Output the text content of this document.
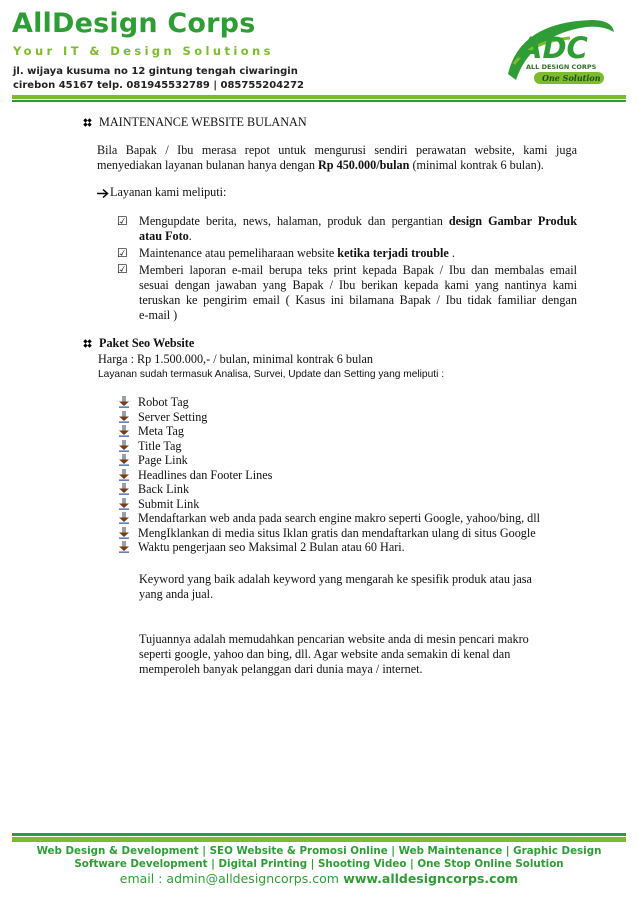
AllDesign Corps
Your IT & Design Solutions
jl. wijaya kusuma no 12 gintung tengah ciwaringin
cirebon 45167 telp. 081945532789 | 085755204272
ADC
ALL DESIGN CORPS
One Solution
MAINTENANCE WEBSITE BULANAN
Bila Bapak / Ibu merasa repot untuk mengurusi sendiri perawatan website, kami juga
menyediakan layanan bulanan hanya dengan Rp 450.000/bulan (minimal kontrak 6 bulan).
Layanan kami meliputi:
☑ Mengupdate berita, news, halaman, produk dan pergantian design Gambar Produk
atau Foto.
☑ Maintenance atau pemeliharaan website ketika terjadi trouble .
☑ Memberi laporan e-mail berupa teks print kepada Bapak / Ibu dan membalas email
sesuai dengan jawaban yang Bapak / Ibu berikan kepada kami yang nantinya kami
teruskan ke pengirim email ( Kasus ini bilamana Bapak / Ibu tidak familiar dengan
e-mail )
Paket Seo Website
Harga : Rp 1.500.000,- / bulan, minimal kontrak 6 bulan
Layanan sudah termasuk Analisa, Survei, Update dan Setting yang meliputi :
Robot Tag
Server Setting
Meta Tag
Title Tag
Page Link
Headlines dan Footer Lines
Back Link
Submit Link
Mendaftarkan web anda pada search engine makro seperti Google, yahoo/bing, dll
MengIklankan di media situs Iklan gratis dan mendaftarkan ulang di situs Google
Waktu pengerjaan seo Maksimal 2 Bulan atau 60 Hari.
Keyword yang baik adalah keyword yang mengarah ke spesifik produk atau jasa
yang anda jual.
Tujuannya adalah memudahkan pencarian website anda di mesin pencari makro
seperti google, yahoo dan bing, dll. Agar website anda semakin di kenal dan
memperoleh banyak pelanggan dari dunia maya / internet.
Web Design & Development | SEO Website & Promosi Online | Web Maintenance | Graphic Design
Software Development | Digital Printing | Shooting Video | One Stop Online Solution
email : admin@alldesigncorps.com www.alldesigncorps.com
